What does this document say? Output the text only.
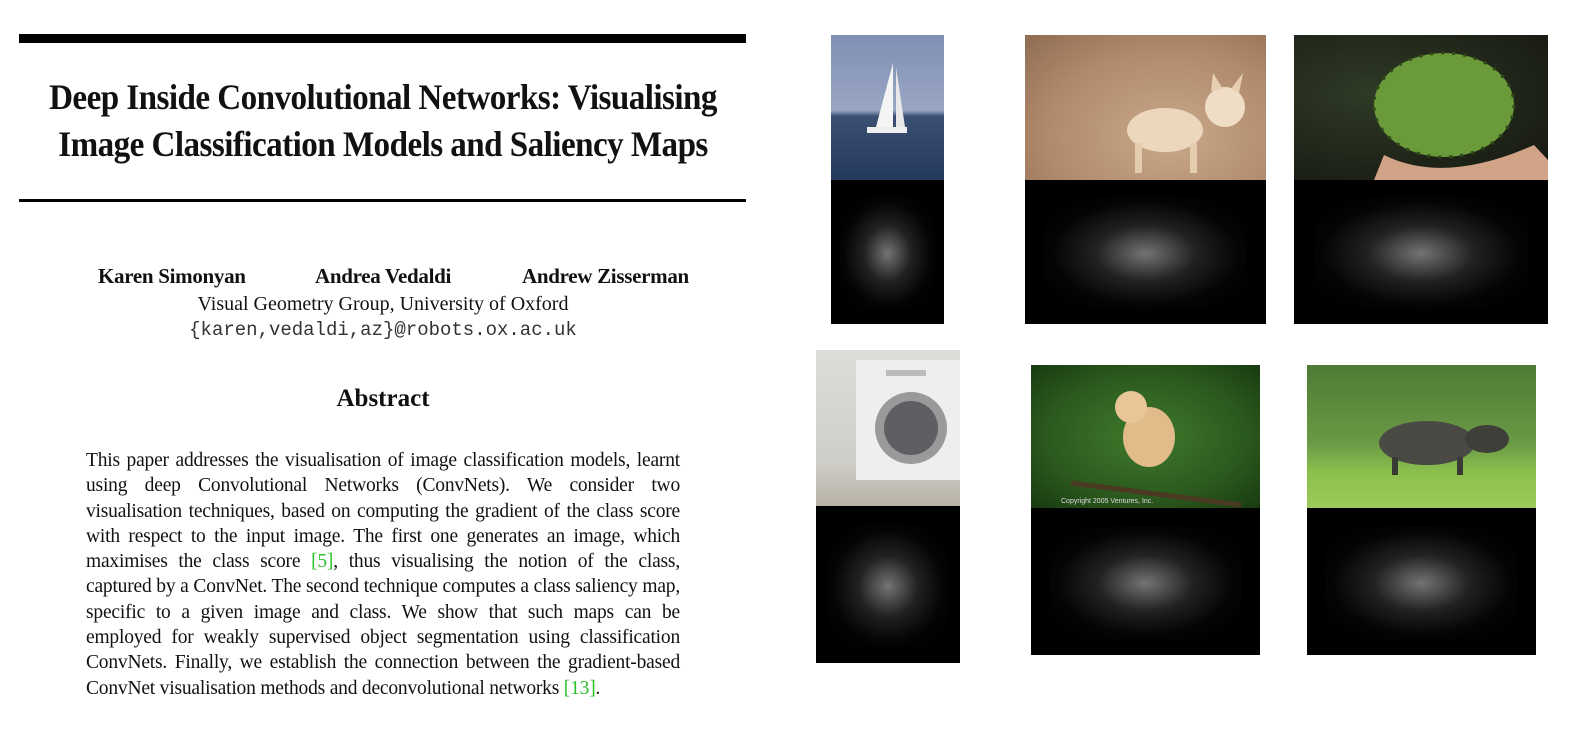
Deep Inside Convolutional Networks: Visualising
Image Classification Models and Saliency Maps
Karen Simonyan	Andrea Vedaldi	Andrew Zisserman
Visual Geometry Group, University of Oxford
{karen,vedaldi,az}@robots.ox.ac.uk
Abstract
This paper addresses the visualisation of image classification models, learnt using deep Convolutional Networks (ConvNets). We consider two visualisation techniques, based on computing the gradient of the class score with respect to the input image. The first one generates an image, which maximises the class score [5], thus visualising the notion of the class, captured by a ConvNet. The second technique computes a class saliency map, specific to a given image and class. We show that such maps can be employed for weakly supervised object segmentation using classification ConvNets. Finally, we establish the connection between the gradient-based ConvNet visualisation methods and deconvolutional networks [13].
Copyright 2005 Ventures, Inc.
